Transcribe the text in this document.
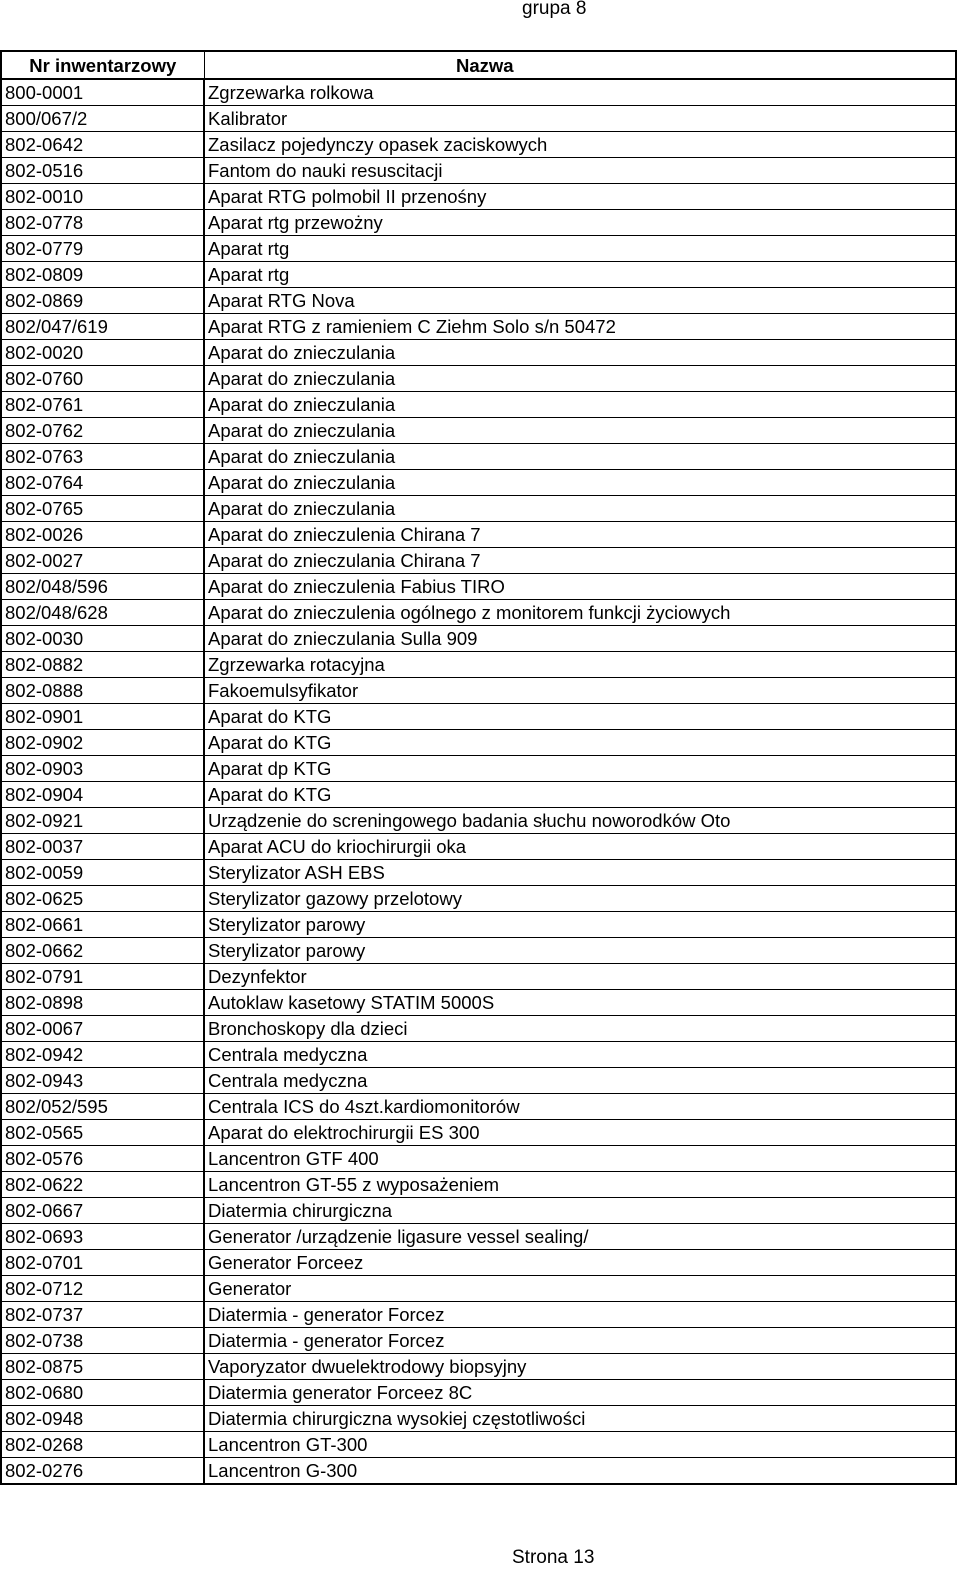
grupa 8
Nr inwentarzowy	Nazwa
800-0001	Zgrzewarka rolkowa
800/067/2	Kalibrator
802-0642	Zasilacz pojedynczy opasek zaciskowych
802-0516	Fantom do nauki resuscitacji
802-0010	Aparat RTG polmobil II przenośny
802-0778	Aparat rtg przewożny
802-0779	Aparat rtg
802-0809	Aparat rtg
802-0869	Aparat RTG Nova
802/047/619	Aparat RTG z ramieniem C Ziehm Solo s/n 50472
802-0020	Aparat do znieczulania
802-0760	Aparat do znieczulania
802-0761	Aparat do znieczulania
802-0762	Aparat do znieczulania
802-0763	Aparat do znieczulania
802-0764	Aparat do znieczulania
802-0765	Aparat do znieczulania
802-0026	Aparat do znieczulenia Chirana 7
802-0027	Aparat do znieczulania Chirana 7
802/048/596	Aparat do znieczulenia Fabius TIRO
802/048/628	Aparat do znieczulenia ogólnego z monitorem funkcji życiowych
802-0030	Aparat do znieczulania Sulla 909
802-0882	Zgrzewarka rotacyjna
802-0888	Fakoemulsyfikator
802-0901	Aparat do KTG
802-0902	Aparat do KTG
802-0903	Aparat dp KTG
802-0904	Aparat do KTG
802-0921	Urządzenie do screningowego badania słuchu noworodków Oto
802-0037	Aparat ACU do kriochirurgii oka
802-0059	Sterylizator ASH EBS
802-0625	Sterylizator gazowy przelotowy
802-0661	Sterylizator parowy
802-0662	Sterylizator parowy
802-0791	Dezynfektor
802-0898	Autoklaw kasetowy STATIM 5000S
802-0067	Bronchoskopy dla dzieci
802-0942	Centrala medyczna
802-0943	Centrala medyczna
802/052/595	Centrala ICS do 4szt.kardiomonitorów
802-0565	Aparat do elektrochirurgii ES 300
802-0576	Lancentron GTF 400
802-0622	Lancentron GT-55 z wyposażeniem
802-0667	Diatermia chirurgiczna
802-0693	Generator /urządzenie ligasure vessel sealing/
802-0701	Generator Forceez
802-0712	Generator
802-0737	Diatermia - generator Forcez
802-0738	Diatermia - generator Forcez
802-0875	Vaporyzator dwuelektrodowy biopsyjny
802-0680	Diatermia generator Forceez 8C
802-0948	Diatermia chirurgiczna wysokiej częstotliwości
802-0268	Lancentron GT-300
802-0276	Lancentron G-300
Strona 13
